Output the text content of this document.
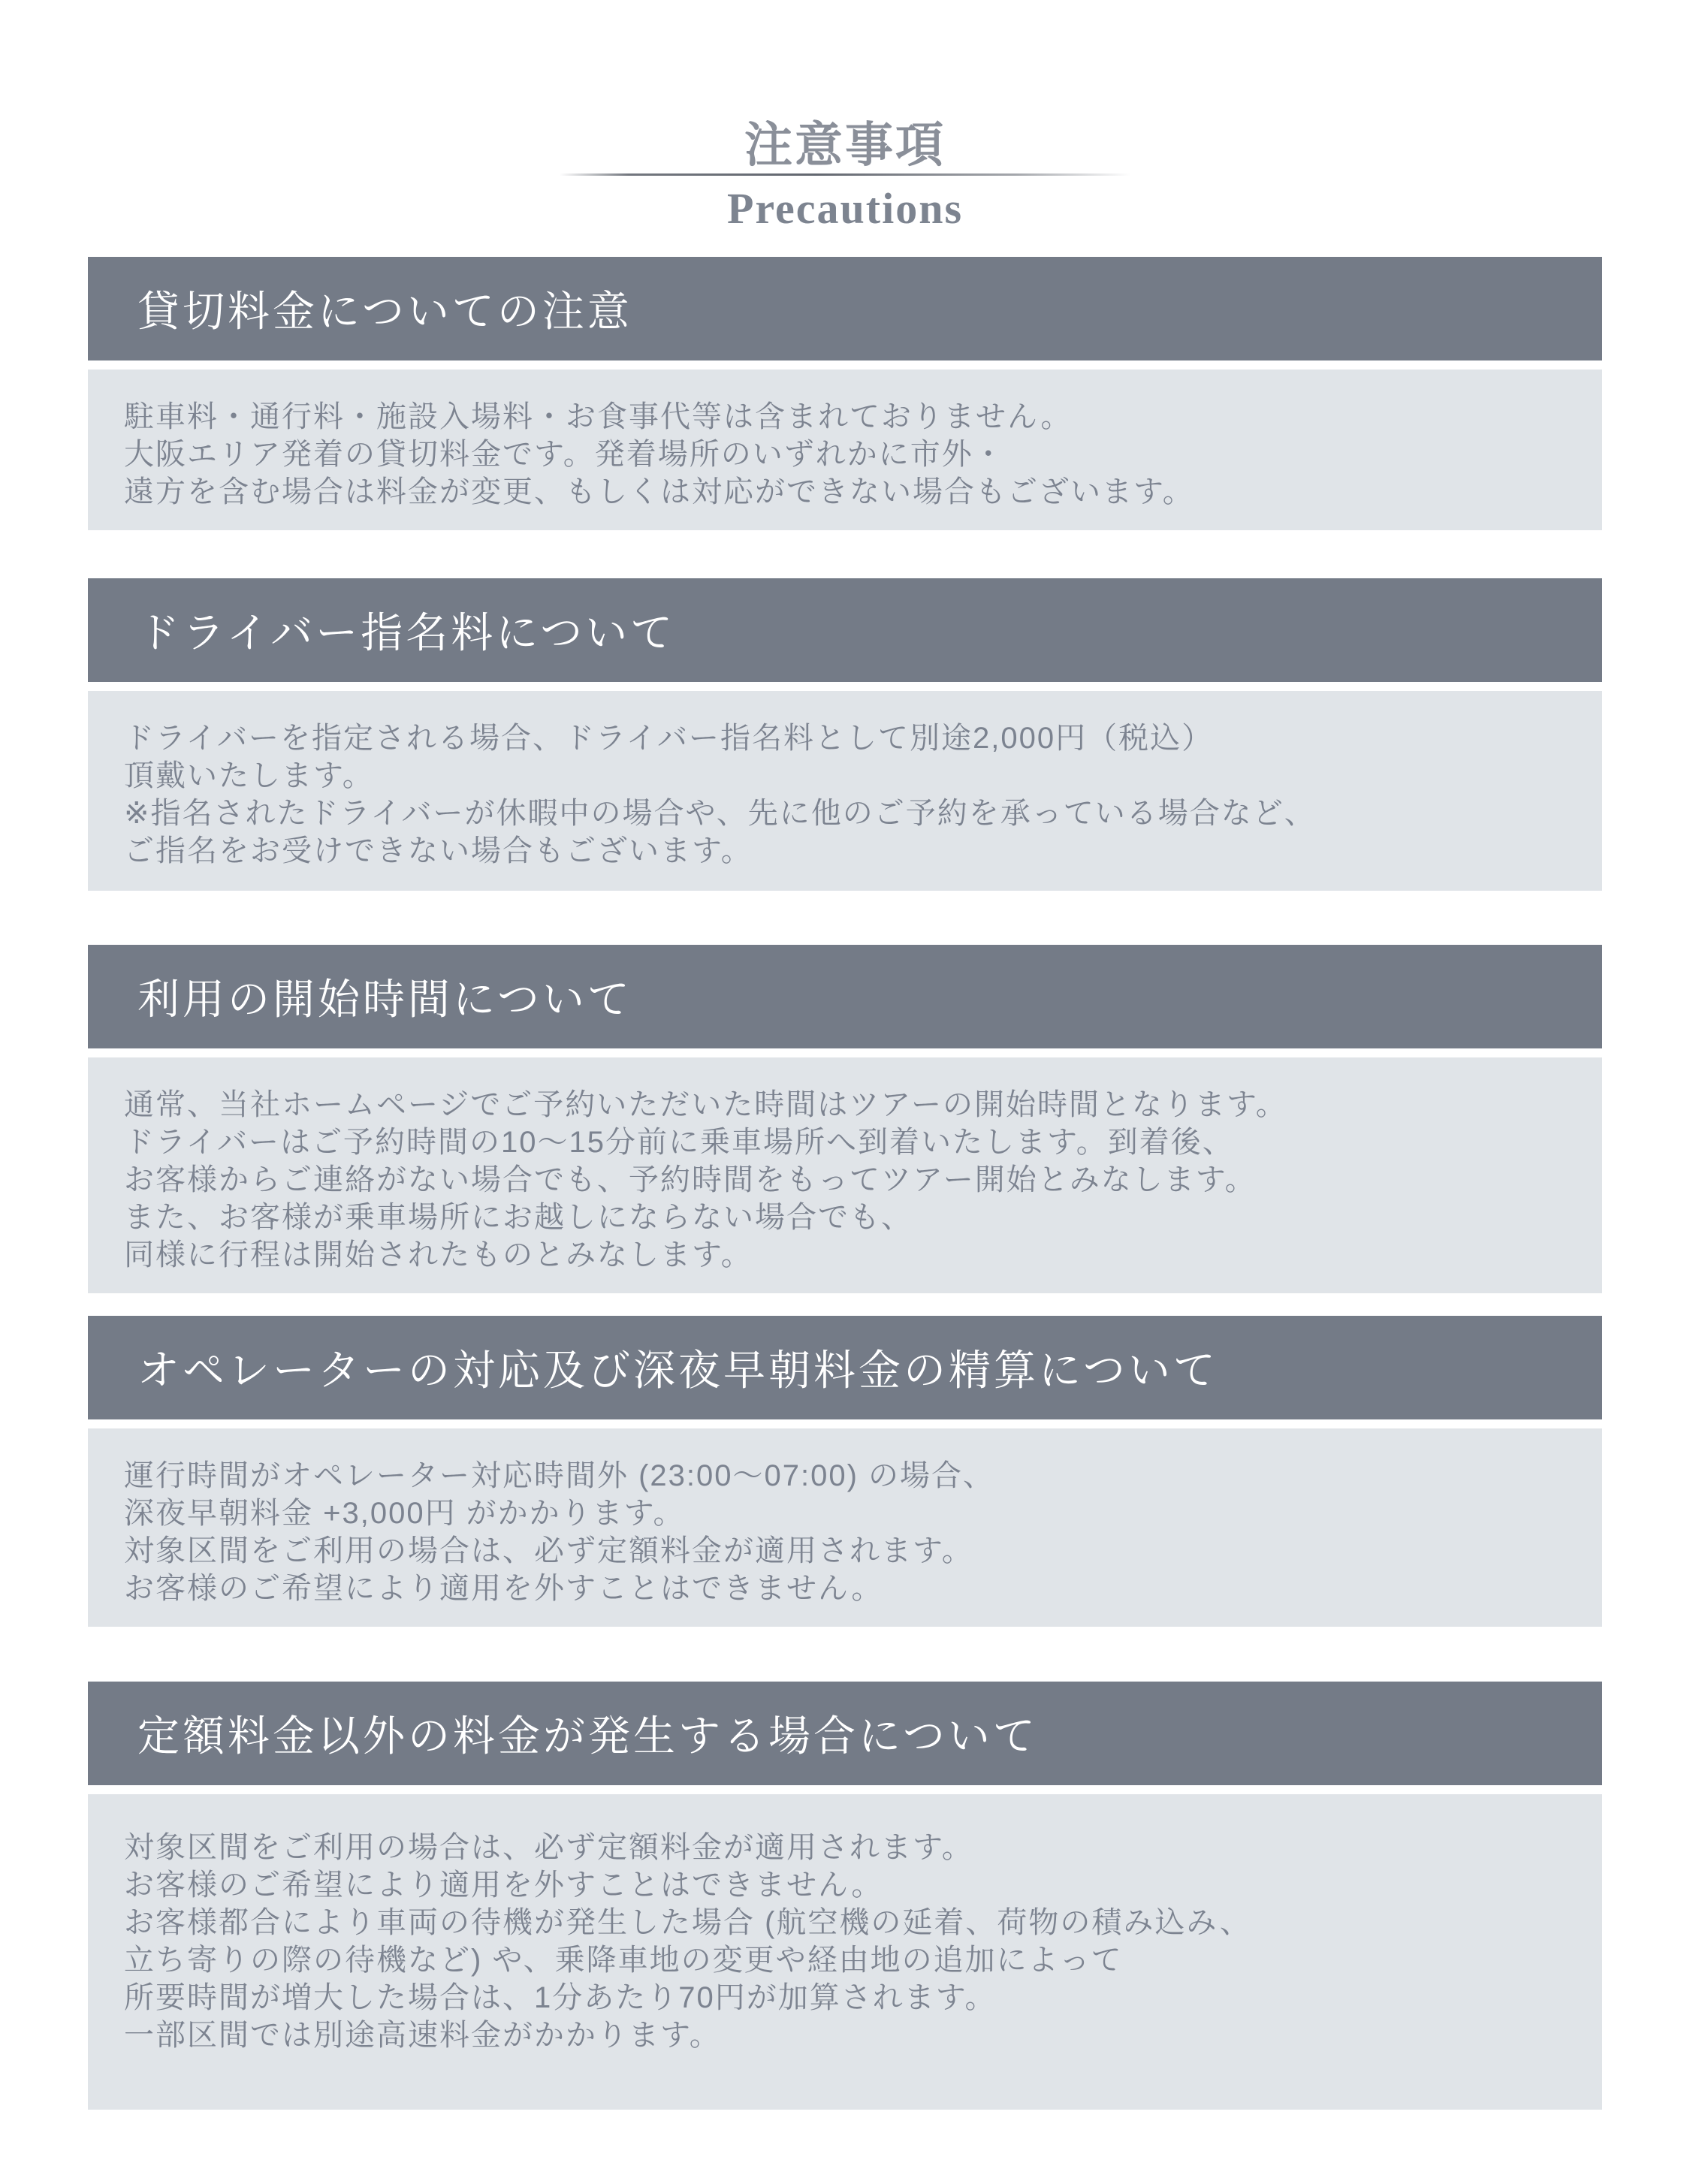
注意事項
Precautions
貸切料金についての注意
駐車料・通行料・施設入場料・お食事代等は含まれておりません。
大阪エリア発着の貸切料金です。発着場所のいずれかに市外・
遠方を含む場合は料金が変更、もしくは対応ができない場合もございます。
ドライバー指名料について
ドライバーを指定される場合、ドライバー指名料として別途2,000円（税込）
頂戴いたします。
※指名されたドライバーが休暇中の場合や、先に他のご予約を承っている場合など、
ご指名をお受けできない場合もございます。
利用の開始時間について
通常、当社ホームページでご予約いただいた時間はツアーの開始時間となります。
ドライバーはご予約時間の10〜15分前に乗車場所へ到着いたします。到着後、
お客様からご連絡がない場合でも、予約時間をもってツアー開始とみなします。
また、お客様が乗車場所にお越しにならない場合でも、
同様に行程は開始されたものとみなします。
オペレーターの対応及び深夜早朝料金の精算について
運行時間がオペレーター対応時間外 (23:00〜07:00) の場合、
深夜早朝料金 +3,000円 がかかります。
対象区間をご利用の場合は、必ず定額料金が適用されます。
お客様のご希望により適用を外すことはできません。
定額料金以外の料金が発生する場合について
対象区間をご利用の場合は、必ず定額料金が適用されます。
お客様のご希望により適用を外すことはできません。
お客様都合により車両の待機が発生した場合 (航空機の延着、荷物の積み込み、
立ち寄りの際の待機など) や、乗降車地の変更や経由地の追加によって
所要時間が増大した場合は、1分あたり70円が加算されます。
一部区間では別途高速料金がかかります。
